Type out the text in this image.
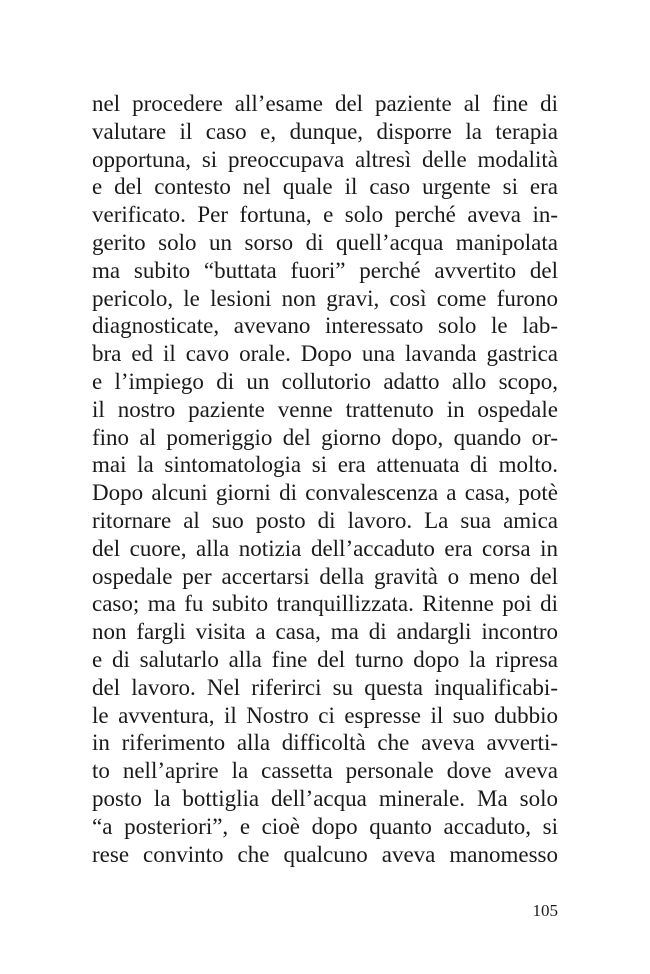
nel procedere all’esame del paziente al fine di
valutare il caso e, dunque, disporre la terapia
opportuna, si preoccupava altresì delle modalità
e del contesto nel quale il caso urgente si era
verificato. Per fortuna, e solo perché aveva in-
gerito solo un sorso di quell’acqua manipolata
ma subito “buttata fuori” perché avvertito del
pericolo, le lesioni non gravi, così come furono
diagnosticate, avevano interessato solo le lab-
bra ed il cavo orale. Dopo una lavanda gastrica
e l’impiego di un collutorio adatto allo scopo,
il nostro paziente venne trattenuto in ospedale
fino al pomeriggio del giorno dopo, quando or-
mai la sintomatologia si era attenuata di molto.
Dopo alcuni giorni di convalescenza a casa, potè
ritornare al suo posto di lavoro. La sua amica
del cuore, alla notizia dell’accaduto era corsa in
ospedale per accertarsi della gravità o meno del
caso; ma fu subito tranquillizzata. Ritenne poi di
non fargli visita a casa, ma di andargli incontro
e di salutarlo alla fine del turno dopo la ripresa
del lavoro. Nel riferirci su questa inqualificabi-
le avventura, il Nostro ci espresse il suo dubbio
in riferimento alla difficoltà che aveva avverti-
to nell’aprire la cassetta personale dove aveva
posto la bottiglia dell’acqua minerale. Ma solo
“a posteriori”, e cioè dopo quanto accaduto, si
rese convinto che qualcuno aveva manomesso
105
